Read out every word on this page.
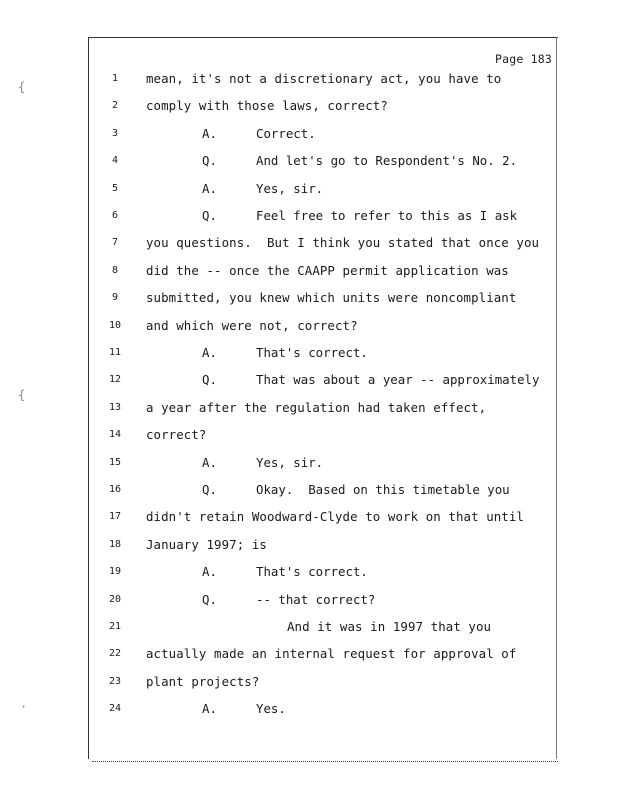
{
{
·
Page 183
1	mean, it's not a discretionary act, you have to
2	comply with those laws, correct?
3	A.	Correct.
4	Q.	And let's go to Respondent's No. 2.
5	A.	Yes, sir.
6	Q.	Feel free to refer to this as I ask
7	you questions.  But I think you stated that once you
8	did the -- once the CAAPP permit application was
9	submitted, you knew which units were noncompliant
10	and which were not, correct?
11	A.	That's correct.
12	Q.	That was about a year -- approximately
13	a year after the regulation had taken effect,
14	correct?
15	A.	Yes, sir.
16	Q.	Okay.  Based on this timetable you
17	didn't retain Woodward-Clyde to work on that until
18	January 1997; is
19	A.	That's correct.
20	Q.	-- that correct?
21	And it was in 1997 that you
22	actually made an internal request for approval of
23	plant projects?
24	A.	Yes.
